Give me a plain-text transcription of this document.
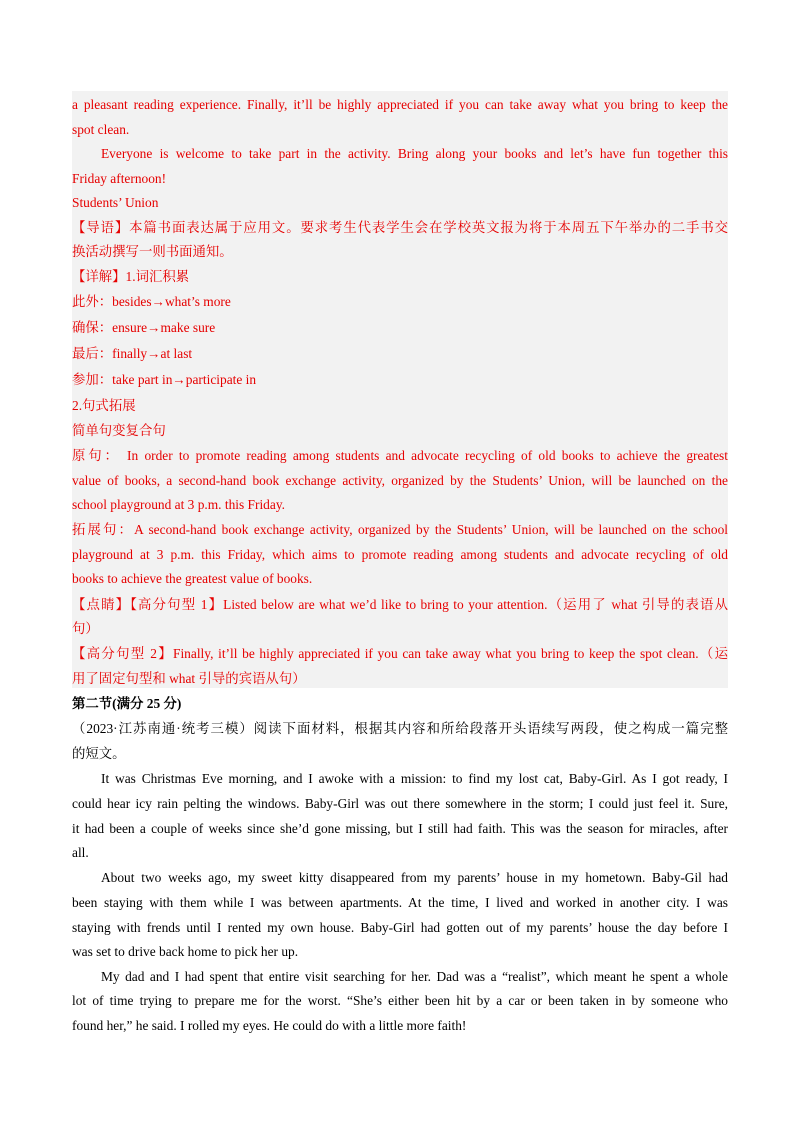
a pleasant reading experience. Finally, it’ll be highly appreciated if you can take away what you bring to keep the
spot clean.
Everyone is welcome to take part in the activity. Bring along your books and let’s have fun together this
Friday afternoon!
Students’ Union
【导语】本篇书面表达属于应用文。要求考生代表学生会在学校英文报为将于本周五下午举办的二手书交
换活动撰写一则书面通知。
【详解】1.词汇积累
此外：besides→what’s more
确保：ensure→make sure
最后：finally→at last
参加：take part in→participate in
2.句式拓展
简单句变复合句
原句： In order to promote reading among students and advocate recycling of old books to achieve the greatest
value of books, a second-hand book exchange activity, organized by the Students’ Union, will be launched on the
school playground at 3 p.m. this Friday.
拓展句：A second-hand book exchange activity, organized by the Students’ Union, will be launched on the school
playground at 3 p.m. this Friday, which aims to promote reading among students and advocate recycling of old
books to achieve the greatest value of books.
【点睛】【高分句型 1】Listed below are what we’d like to bring to your attention.（运用了 what 引导的表语从
句）
【高分句型 2】Finally, it’ll be highly appreciated if you can take away what you bring to keep the spot clean.（运
用了固定句型和 what 引导的宾语从句）
第二节(满分 25 分)
（2023·江苏南通·统考三模）阅读下面材料，根据其内容和所给段落开头语续写两段，使之构成一篇完整
的短文。
It was Christmas Eve morning, and I awoke with a mission: to find my lost cat, Baby-Girl. As I got ready, I
could hear icy rain pelting the windows. Baby-Girl was out there somewhere in the storm; I could just feel it. Sure,
it had been a couple of weeks since she’d gone missing, but I still had faith. This was the season for miracles, after
all.
About two weeks ago, my sweet kitty disappeared from my parents’ house in my hometown. Baby-Gil had
been staying with them while I was between apartments. At the time, I lived and worked in another city. I was
staying with frends until I rented my own house. Baby-Girl had gotten out of my parents’ house the day before I
was set to drive back home to pick her up.
My dad and I had spent that entire visit searching for her. Dad was a “realist”, which meant he spent a whole
lot of time trying to prepare me for the worst. “She’s either been hit by a car or been taken in by someone who
found her,” he said. I rolled my eyes. He could do with a little more faith!
